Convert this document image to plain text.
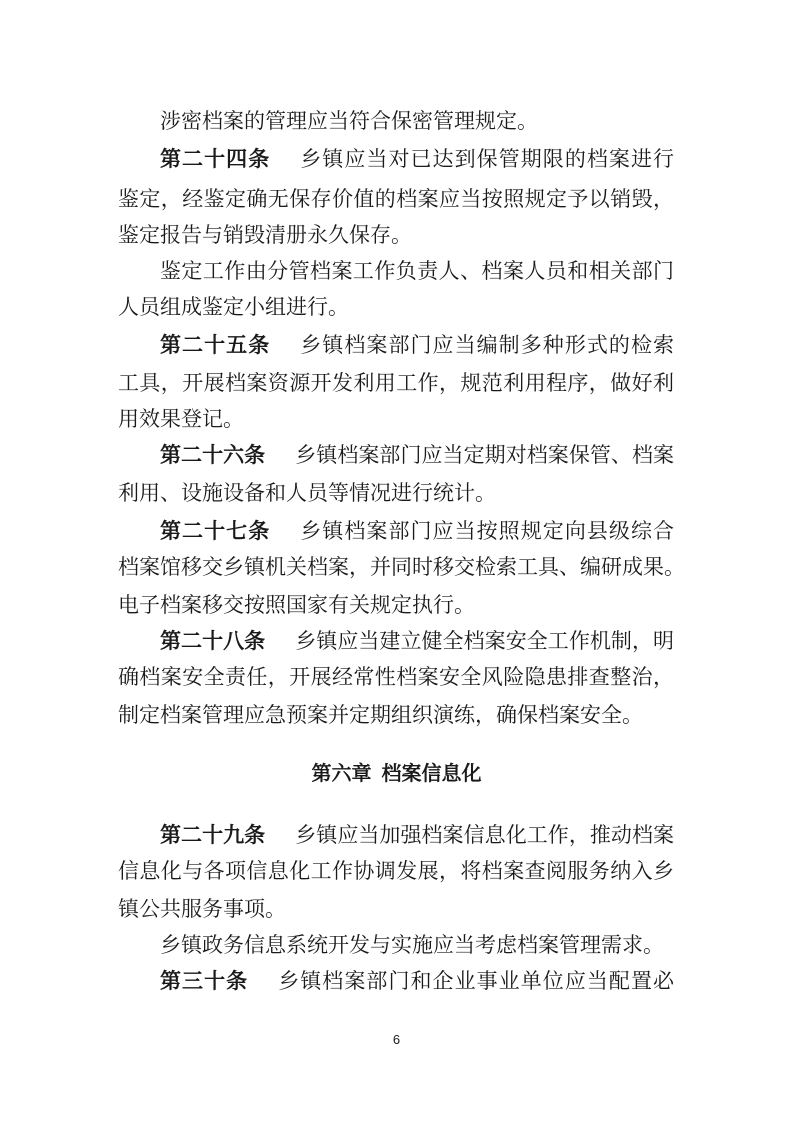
涉密档案的管理应当符合保密管理规定。
第二十四条 乡镇应当对已达到保管期限的档案进行
鉴定，经鉴定确无保存价值的档案应当按照规定予以销毁，
鉴定报告与销毁清册永久保存。
鉴定工作由分管档案工作负责人、档案人员和相关部门
人员组成鉴定小组进行。
第二十五条 乡镇档案部门应当编制多种形式的检索
工具，开展档案资源开发利用工作，规范利用程序，做好利
用效果登记。
第二十六条 乡镇档案部门应当定期对档案保管、档案
利用、设施设备和人员等情况进行统计。
第二十七条 乡镇档案部门应当按照规定向县级综合
档案馆移交乡镇机关档案，并同时移交检索工具、编研成果。
电子档案移交按照国家有关规定执行。
第二十八条 乡镇应当建立健全档案安全工作机制，明
确档案安全责任，开展经常性档案安全风险隐患排查整治，
制定档案管理应急预案并定期组织演练，确保档案安全。
第六章 档案信息化
第二十九条 乡镇应当加强档案信息化工作，推动档案
信息化与各项信息化工作协调发展，将档案查阅服务纳入乡
镇公共服务事项。
乡镇政务信息系统开发与实施应当考虑档案管理需求。
第三十条 乡镇档案部门和企业事业单位应当配置必
6
